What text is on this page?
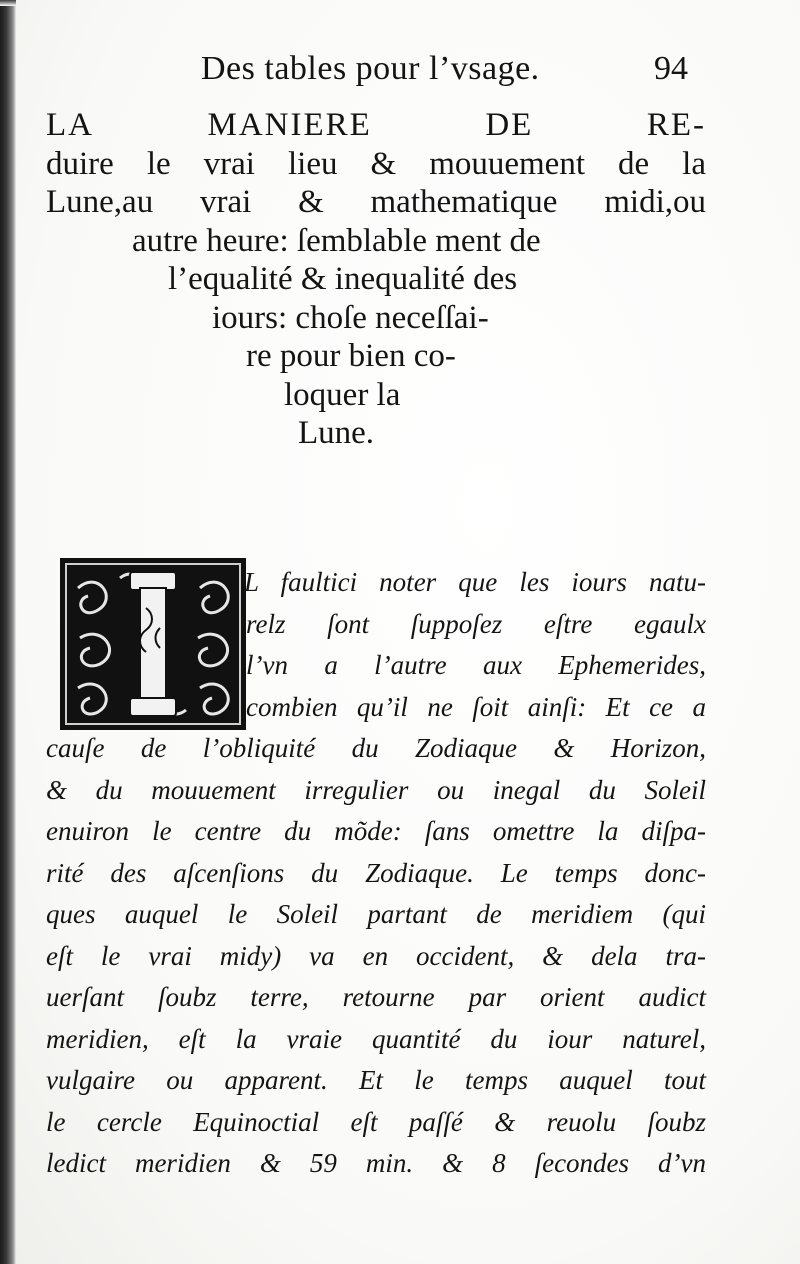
Des tables pour l’vsage.	94
LA	MANIERE	DE	RE-
duire le vrai lieu & mouuement de la
Lune,au vrai & mathematique midi,ou
autre heure: ſemblable ment de
l’equalité & inequalité des
iours: choſe neceſſai-
re pour bien co-
loquer la
Lune.
L faultici noter que les iours natu-
relz ſont ſuppoſez eſtre egaulx
l’vn a l’autre aux Ephemerides,
combien qu’il ne ſoit ainſi: Et ce a
cauſe de l’obliquité du Zodiaque & Horizon,
& du mouuement irregulier ou inegal du Soleil
enuiron le centre du mõde: ſans omettre la diſpa-
rité des aſcenſions du Zodiaque. Le temps donc-
ques auquel le Soleil partant de meridiem (qui
eſt le vrai midy) va en occident, & dela tra-
uerſant ſoubz terre, retourne par orient audict
meridien, eſt la vraie quantité du iour naturel,
vulgaire ou apparent. Et le temps auquel tout
le cercle Equinoctial eſt paſſé & reuolu ſoubz
ledict meridien & 59 min. & 8 ſecondes d’vn
